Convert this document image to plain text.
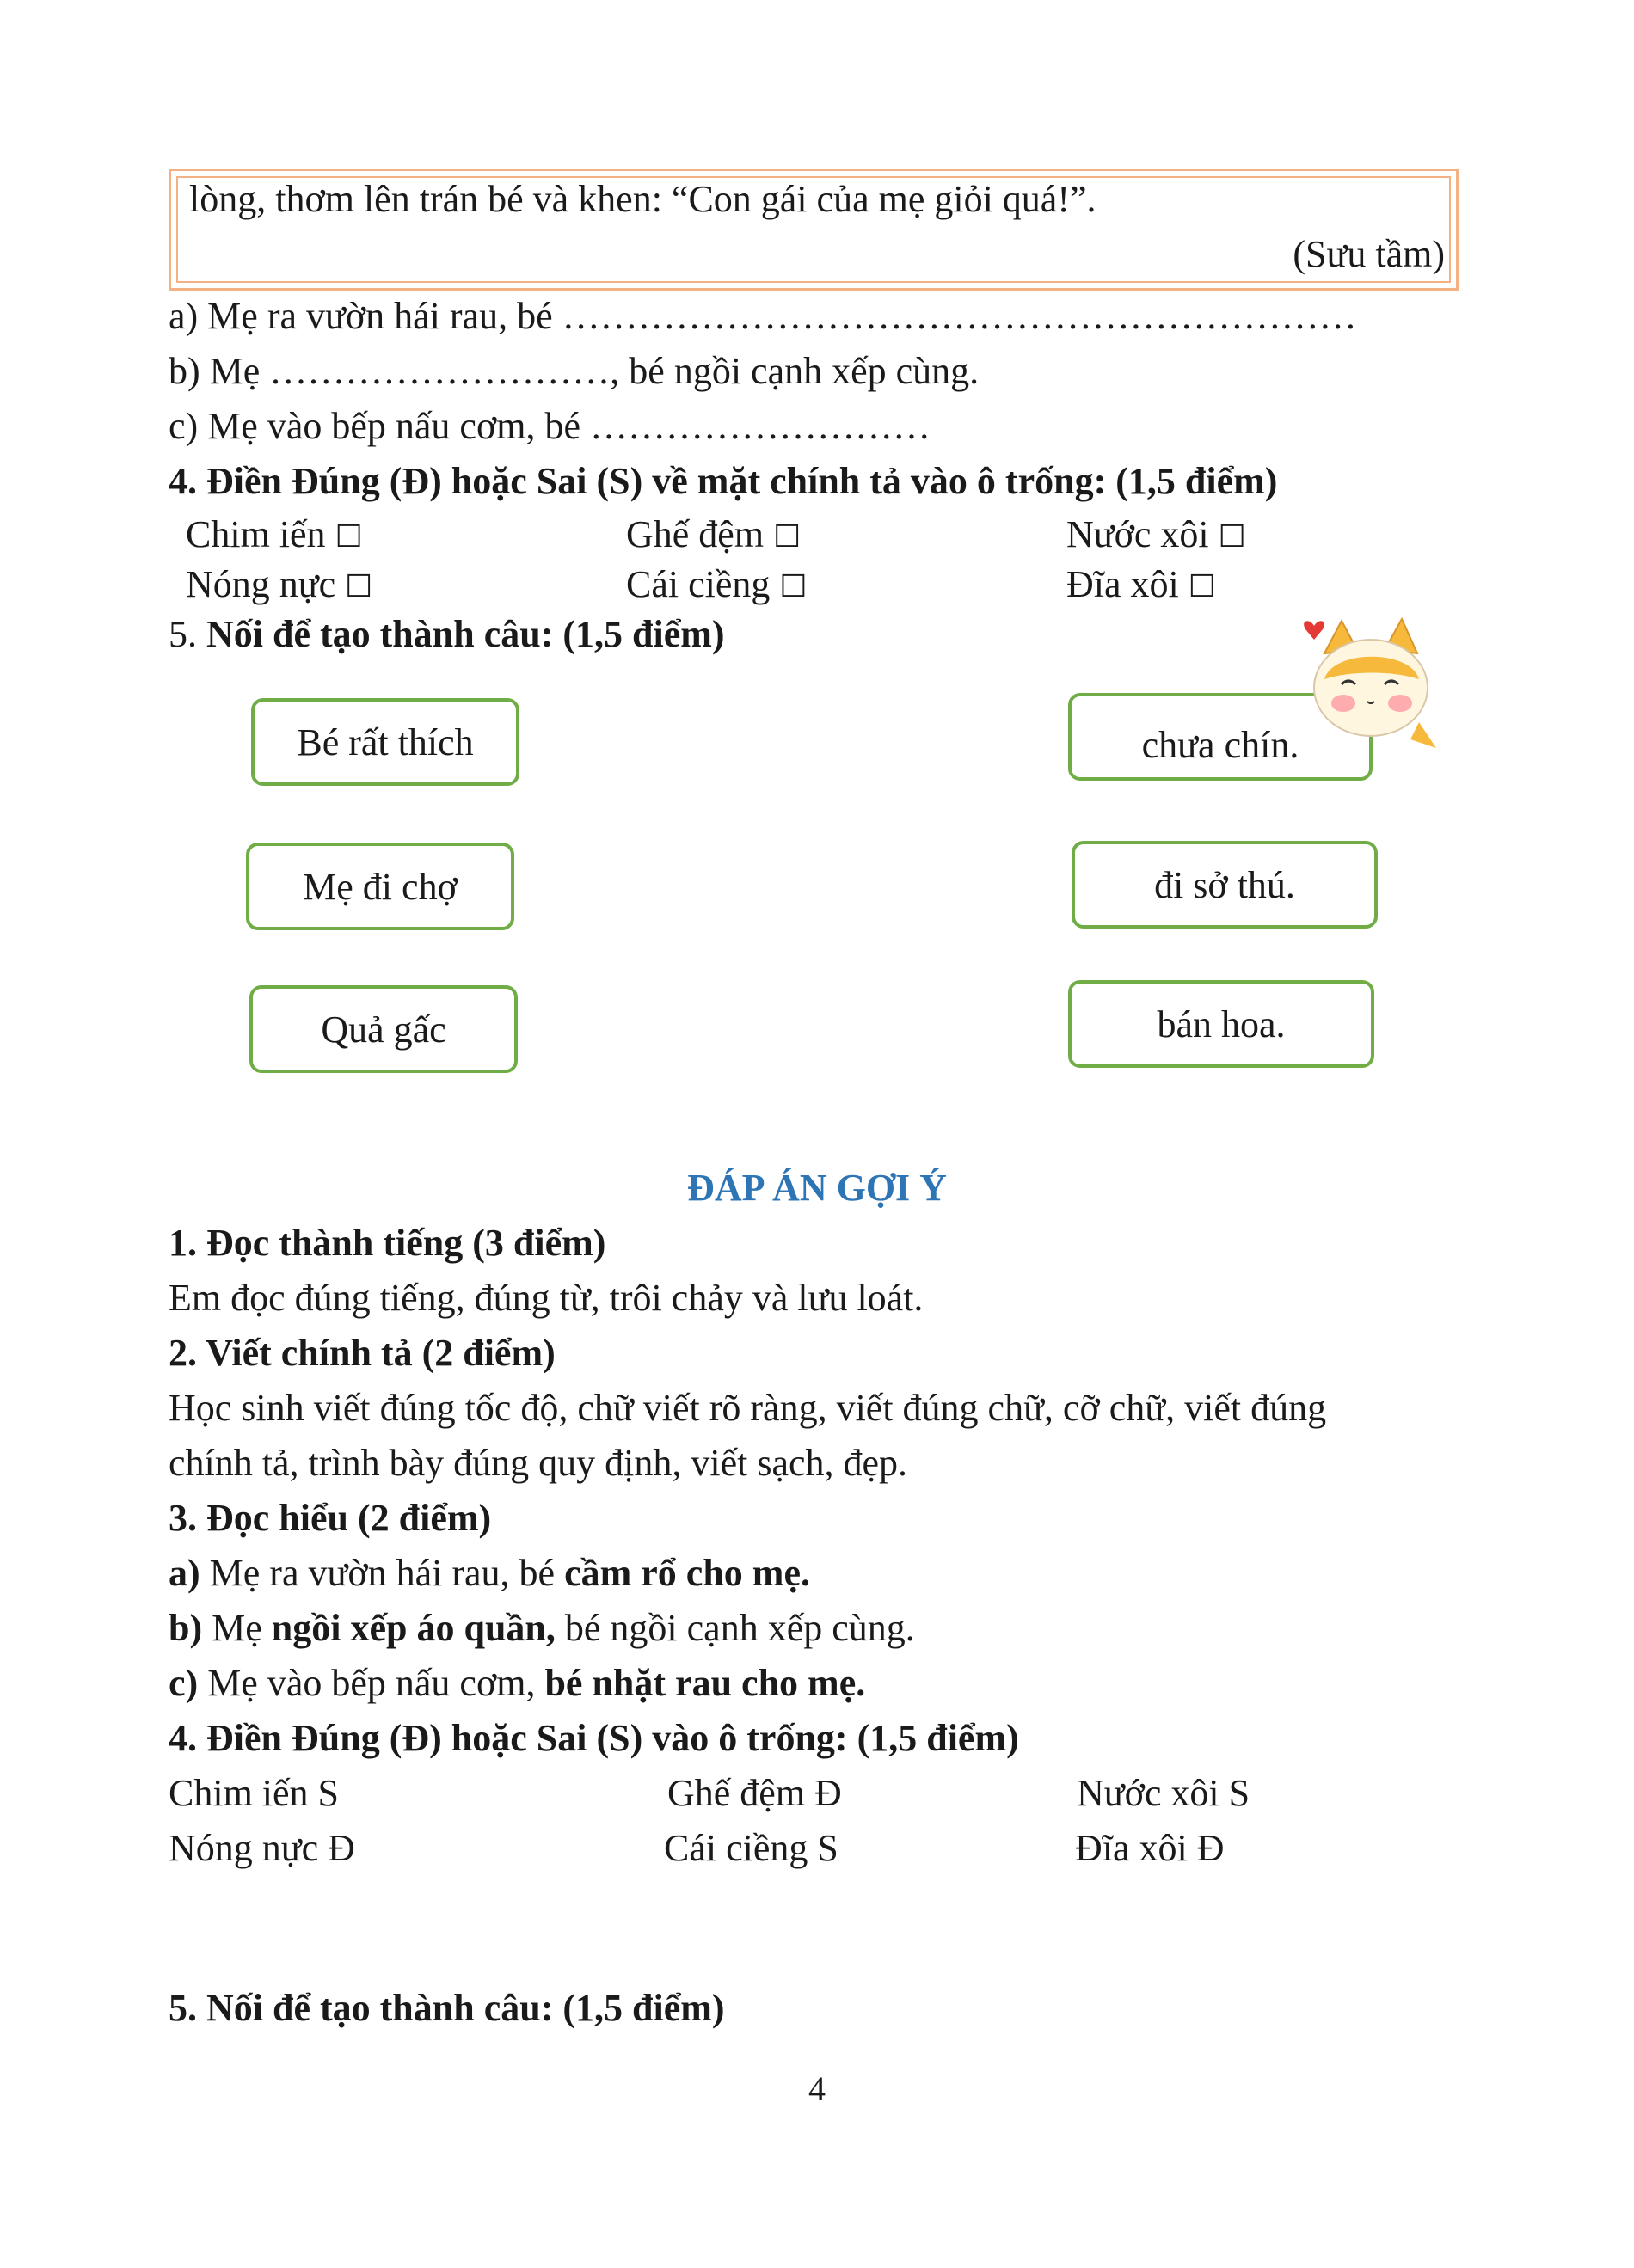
lòng, thơm lên trán bé và khen: “Con gái của mẹ giỏi quá!”.
(Sưu tầm)
a) Mẹ ra vườn hái rau, bé ………………………………………………………
b) Mẹ ………………………, bé ngồi cạnh xếp cùng.
c) Mẹ vào bếp nấu cơm, bé ………………………
4. Điền Đúng (Đ) hoặc Sai (S) về mặt chính tả vào ô trống: (1,5 điểm)
Chim iến ☐	Ghế đệm ☐	Nước xôi ☐
Nóng nực ☐	Cái ciềng ☐	Đĩa xôi ☐
5. Nối để tạo thành câu: (1,5 điểm)
Bé rất thích
Mẹ đi chợ
Quả gấc
chưa chín.
đi sở thú.
bán hoa.
ĐÁP ÁN GỢI Ý
1. Đọc thành tiếng (3 điểm)
Em đọc đúng tiếng, đúng từ, trôi chảy và lưu loát.
2. Viết chính tả (2 điểm)
Học sinh viết đúng tốc độ, chữ viết rõ ràng, viết đúng chữ, cỡ chữ, viết đúng
chính tả, trình bày đúng quy định, viết sạch, đẹp.
3. Đọc hiểu (2 điểm)
a) Mẹ ra vườn hái rau, bé cầm rổ cho mẹ.
b) Mẹ ngồi xếp áo quần, bé ngồi cạnh xếp cùng.
c) Mẹ vào bếp nấu cơm, bé nhặt rau cho mẹ.
4. Điền Đúng (Đ) hoặc Sai (S) vào ô trống: (1,5 điểm)
Chim iến S	Ghế đệm Đ	Nước xôi S
Nóng nực Đ	Cái ciềng S	Đĩa xôi Đ
5. Nối để tạo thành câu: (1,5 điểm)
4
